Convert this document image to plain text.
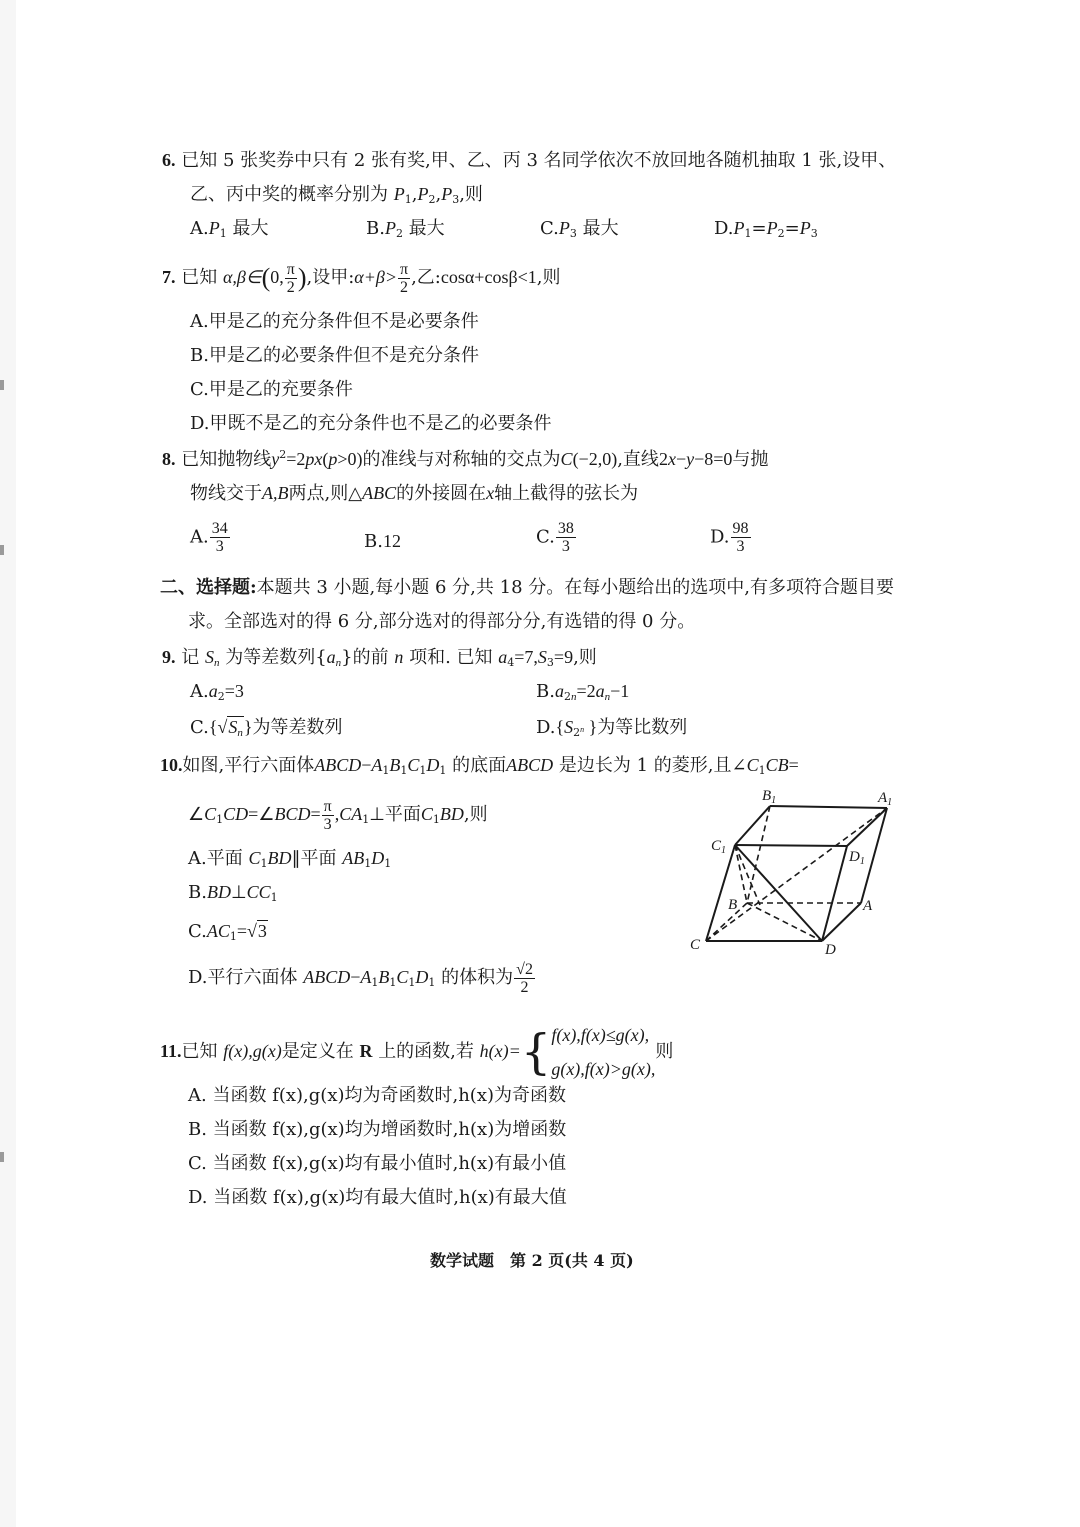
6. 已知 5 张奖券中只有 2 张有奖,甲、乙、丙 3 名同学依次不放回地各随机抽取 1 张,设甲、
乙、丙中奖的概率分别为 $P_1,P_2,P_3$,则
$A.P_1$ 最大	$B.P_2$ 最大	$C.P_3$ 最大	$D.P_1=P_2=P_3$
7. 已知 α,β∈(0, $\frac{\pi}{2}$ ),设甲:α+β> $\frac{\pi}{2}$ ,乙:cosα+cosβ<1,则
A.甲是乙的充分条件但不是必要条件
B.甲是乙的必要条件但不是充分条件
C.甲是乙的充要条件
D.甲既不是乙的充分条件也不是乙的必要条件
8. 已知抛物线$y^2=2px(p>0)$的准线与对称轴的交点为C(−2,0),直线2x−y−8=0与抛
物线交于A,B两点,则△ABC的外接圆在x轴上截得的弦长为
A. $\frac{34}{3}$	B.12	C. $\frac{38}{3}$	D. $\frac{98}{3}$
二、选择题:本题共 3 小题,每小题 6 分,共 18 分。在每小题给出的选项中,有多项符合题目要
求。全部选对的得 6 分,部分选对的得部分分,有选错的得 0 分。
9. 记 $S_n$ 为等差数列$\{a_n\}$的前 n 项和. 已知 $a_4=7,S_3=9$,则
$A.a_2=3$	$B.a_{2n}=2a_n-1$
$C.\{√S_n\}$为等差数列	$D.\{S_{2^n}$ }为等比数列
10.如图,平行六面体$ABCD-A_1B_1C_1D_1$ 的底面ABCD 是边长为 1 的菱形,且$\angle C_1CB=$
$\angle C_1CD=\angle BCD= \frac{\pi}{3}$ $,CA_1\perp$平面$C_1BD$,则
A.平面 $C_1BD\parallel$平面 $AB_1D_1$
$B.BD\perp CC_1$
$C.AC_1=√3$
D.平行六面体 $ABCD-A_1B_1C_1D_1$ 的体积为 $\frac{√2}{2}$
$B_1$	$A_1$
$C_1$	$D_1$
B	A
C	D
11.已知 f(x),g(x)是定义在 R 上的函数,若 h(x)={ f(x),f(x)≤g(x),
g(x),f(x)>g(x),
则
A. 当函数 f(x),g(x)均为奇函数时,h(x)为奇函数
B. 当函数 f(x),g(x)均为增函数时,h(x)为增函数
C. 当函数 f(x),g(x)均有最小值时,h(x)有最小值
D. 当函数 f(x),g(x)均有最大值时,h(x)有最大值
数学试题　第 2 页(共 4 页)
